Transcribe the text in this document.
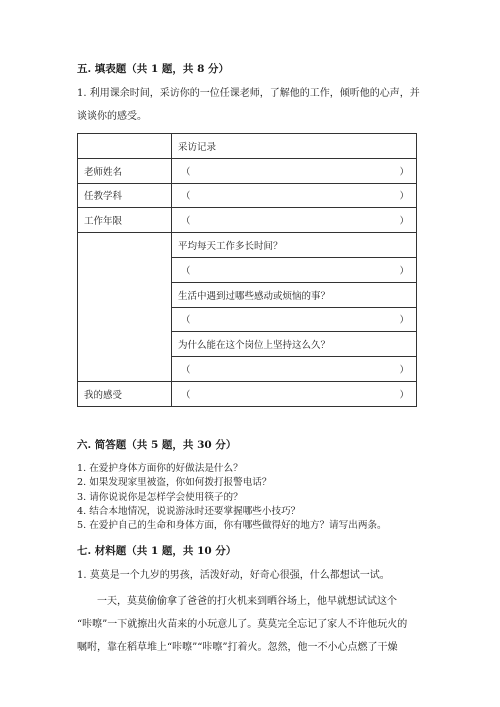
五. 填表题（共 1 题，共 8 分）
1. 利用课余时间，采访你的一位任课老师，了解他的工作，倾听他的心声，并
谈谈你的感受。
	采访记录
老师姓名	（ ）

任教学科	（ ）

工作年限	（ ）

	平均每天工作多长时间？

	（ ）

	生活中遇到过哪些感动或烦恼的事？

	（ ）

	为什么能在这个岗位上坚持这么久？

	（ ）

我的感受	（ ）
六. 简答题（共 5 题，共 30 分）
1. 在爱护身体方面你的好做法是什么？
2. 如果发现家里被盗，你如何拨打报警电话？
3. 请你说说你是怎样学会使用筷子的？
4. 结合本地情况，说说游泳时还要掌握哪些小技巧？
5. 在爱护自己的生命和身体方面，你有哪些做得好的地方？请写出两条。
七. 材料题（共 1 题，共 10 分）
1. 莫莫是一个九岁的男孩，活泼好动，好奇心很强，什么都想试一试。
一天，莫莫偷偷拿了爸爸的打火机来到晒谷场上，他早就想试试这个
“咔嚓”一下就擦出火苗来的小玩意儿了。莫莫完全忘记了家人不许他玩火的
嘱咐，靠在稻草堆上“咔嚓”“咔嚓”打着火。忽然，他一不小心点燃了干燥
